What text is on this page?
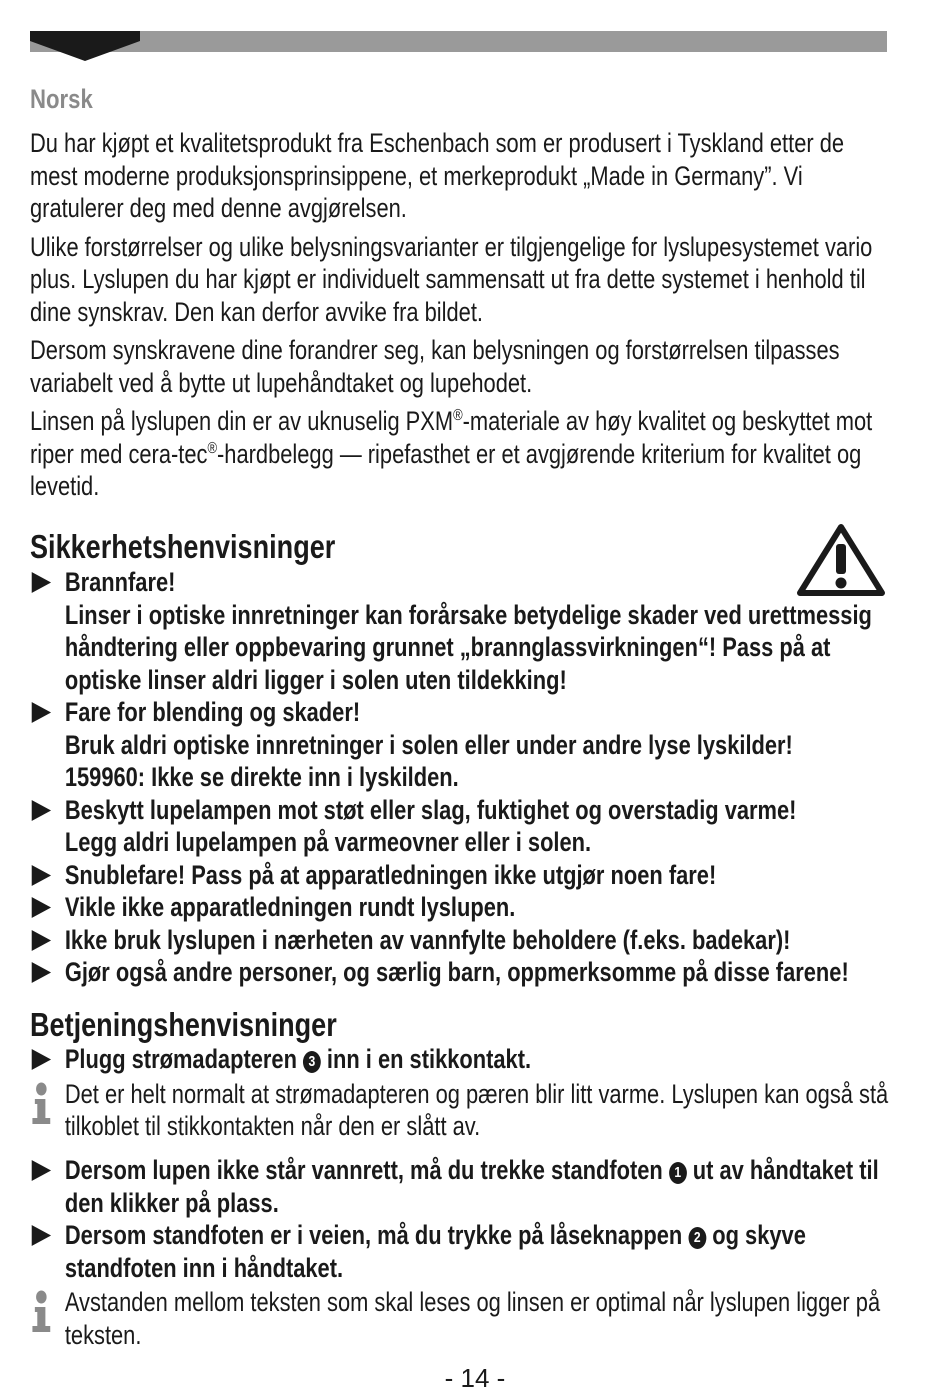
Norsk

Du har kjøpt et kvalitetsprodukt fra Eschenbach som er produsert i Tyskland etter de mest moderne produksjonsprinsippene, et merkeprodukt „Made in Germany”. Vi gratulerer deg med denne avgjørelsen.

Ulike forstørrelser og ulike belysningsvarianter er tilgjengelige for lyslupesystemet vario plus. Lyslupen du har kjøpt er individuelt sammensatt ut fra dette systemet i henhold til dine synskrav. Den kan derfor avvike fra bildet.

Dersom synskravene dine forandrer seg, kan belysningen og forstørrelsen tilpasses variabelt ved å bytte ut lupehåndtaket og lupehodet.

Linsen på lyslupen din er av uknuselig PXM®-materiale av høy kvalitet og beskyttet mot riper med cera-tec®-hardbelegg — ripefasthet er et avgjørende kriterium for kvalitet og levetid.

Sikkerhetshenvisninger
Brannfare!
Linser i optiske innretninger kan forårsake betydelige skader ved urettmessig håndtering eller oppbevaring grunnet „brannglassvirkningen“! Pass på at optiske linser aldri ligger i solen uten tildekking!
Fare for blending og skader!
Bruk aldri optiske innretninger i solen eller under andre lyse lyskilder!
159960: Ikke se direkte inn i lyskilden.
Beskytt lupelampen mot støt eller slag, fuktighet og overstadig varme!
Legg aldri lupelampen på varmeovner eller i solen.
Snublefare! Pass på at apparatledningen ikke utgjør noen fare!
Vikle ikke apparatledningen rundt lyslupen.
Ikke bruk lyslupen i nærheten av vannfylte beholdere (f.eks. badekar)!
Gjør også andre personer, og særlig barn, oppmerksomme på disse farene!
Betjeningshenvisninger
Plugg strømadapteren 3 inn i en stikkontakt.
Det er helt normalt at strømadapteren og pæren blir litt varme. Lyslupen kan også stå tilkoblet til stikkontakten når den er slått av.
Dersom lupen ikke står vannrett, må du trekke standfoten 1 ut av håndtaket til den klikker på plass.
Dersom standfoten er i veien, må du trykke på låseknappen 2 og skyve standfoten inn i håndtaket.
Avstanden mellom teksten som skal leses og linsen er optimal når lyslupen ligger på teksten.
- 14 -
